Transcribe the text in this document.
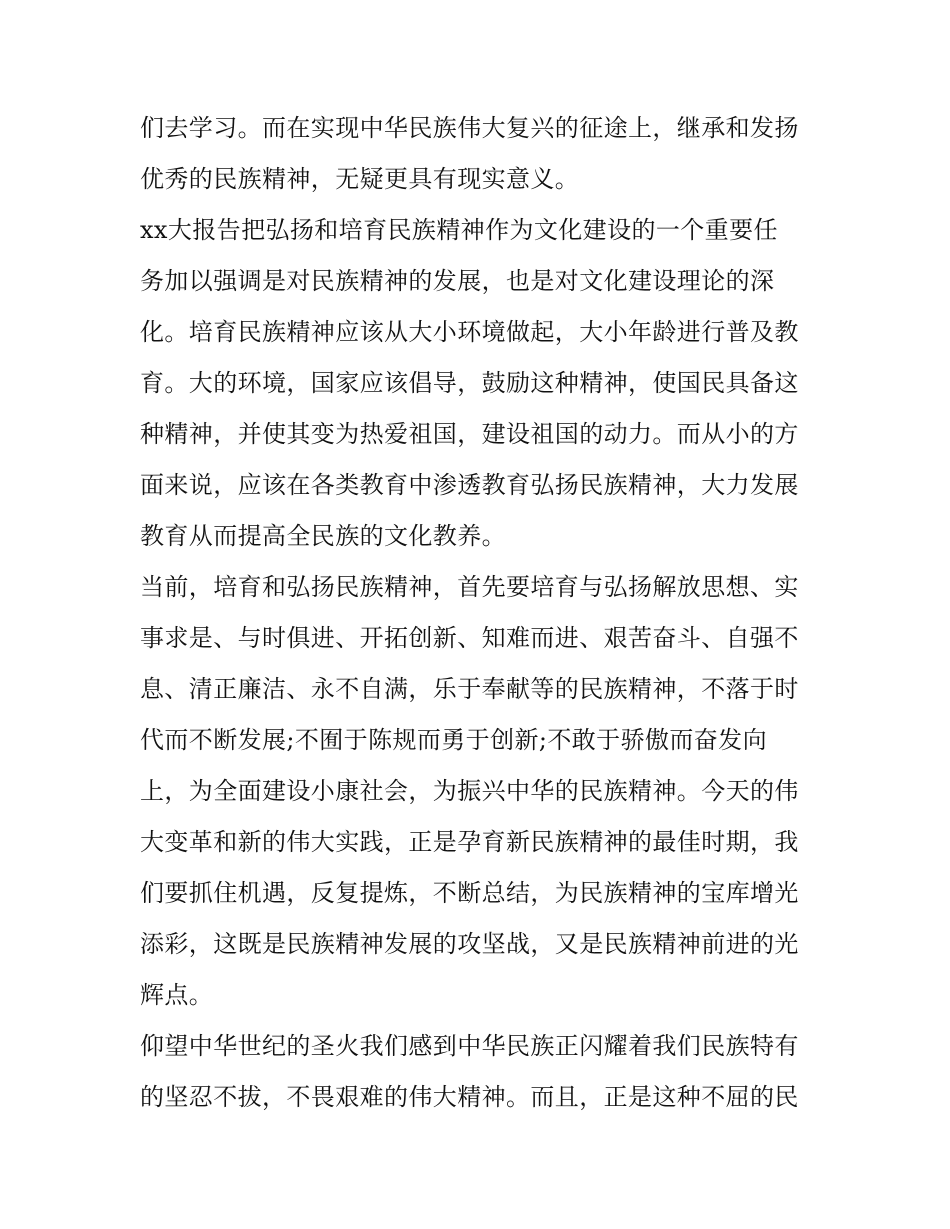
们去学习。而在实现中华民族伟大复兴的征途上，继承和发扬
优秀的民族精神，无疑更具有现实意义。
xx大报告把弘扬和培育民族精神作为文化建设的一个重要任
务加以强调是对民族精神的发展，也是对文化建设理论的深
化。培育民族精神应该从大小环境做起，大小年龄进行普及教
育。大的环境，国家应该倡导，鼓励这种精神，使国民具备这
种精神，并使其变为热爱祖国，建设祖国的动力。而从小的方
面来说，应该在各类教育中渗透教育弘扬民族精神，大力发展
教育从而提高全民族的文化教养。
当前，培育和弘扬民族精神，首先要培育与弘扬解放思想、实
事求是、与时俱进、开拓创新、知难而进、艰苦奋斗、自强不
息、清正廉洁、永不自满，乐于奉献等的民族精神，不落于时
代而不断发展;不囿于陈规而勇于创新;不敢于骄傲而奋发向
上，为全面建设小康社会，为振兴中华的民族精神。今天的伟
大变革和新的伟大实践，正是孕育新民族精神的最佳时期，我
们要抓住机遇，反复提炼，不断总结，为民族精神的宝库增光
添彩，这既是民族精神发展的攻坚战，又是民族精神前进的光
辉点。
仰望中华世纪的圣火我们感到中华民族正闪耀着我们民族特有
的坚忍不拔，不畏艰难的伟大精神。而且，正是这种不屈的民
